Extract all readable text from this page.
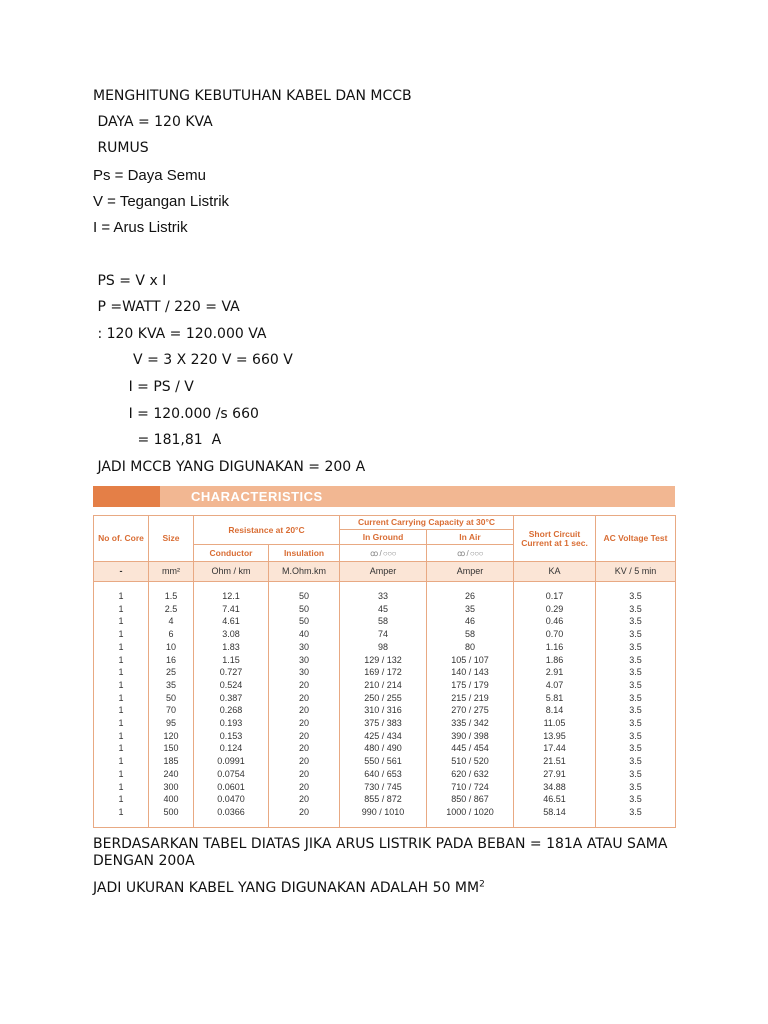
MENGHITUNG KEBUTUHAN KABEL DAN MCCB
DAYA = 120 KVA
RUMUS
Ps = Daya Semu
V = Tegangan Listrik
I = Arus Listrik
PS = V x I
P =WATT / 220 = VA
: 120 KVA = 120.000 VA
V = 3 X 220 V = 660 V
I = PS / V
I = 120.000 /s 660
= 181,81  A
JADI MCCB YANG DIGUNAKAN = 200 A
CHARACTERISTICS
No of. Core	Size	Resistance at 20°C		Current Carrying Capacity at 30°C		Short Circuit Current at 1 sec.	AC Voltage Test
				In Ground	In Air		
		Conductor	Insulation	ꝏ / ○○○	ꝏ / ○○○		
-	mm²	Ohm / km	M.Ohm.km	Amper	Amper	KA	KV / 5 min

1	1.5	12.1	50	33	26	0.17	3.5
1	2.5	7.41	50	45	35	0.29	3.5
1	4	4.61	50	58	46	0.46	3.5
1	6	3.08	40	74	58	0.70	3.5
1	10	1.83	30	98	80	1.16	3.5
1	16	1.15	30	129 / 132	105 / 107	1.86	3.5
1	25	0.727	30	169 / 172	140 / 143	2.91	3.5
1	35	0.524	20	210 / 214	175 / 179	4.07	3.5
1	50	0.387	20	250 / 255	215 / 219	5.81	3.5
1	70	0.268	20	310 / 316	270 / 275	8.14	3.5
1	95	0.193	20	375 / 383	335 / 342	11.05	3.5
1	120	0.153	20	425 / 434	390 / 398	13.95	3.5
1	150	0.124	20	480 / 490	445 / 454	17.44	3.5
1	185	0.0991	20	550 / 561	510 / 520	21.51	3.5
1	240	0.0754	20	640 / 653	620 / 632	27.91	3.5
1	300	0.0601	20	730 / 745	710 / 724	34.88	3.5
1	400	0.0470	20	855 / 872	850 / 867	46.51	3.5
1	500	0.0366	20	990 / 1010	1000 / 1020	58.14	3.5

BERDASARKAN TABEL DIATAS JIKA ARUS LISTRIK PADA BEBAN = 181A ATAU SAMA DENGAN 200A
JADI UKURAN KABEL YANG DIGUNAKAN ADALAH 50 $MM^2$
